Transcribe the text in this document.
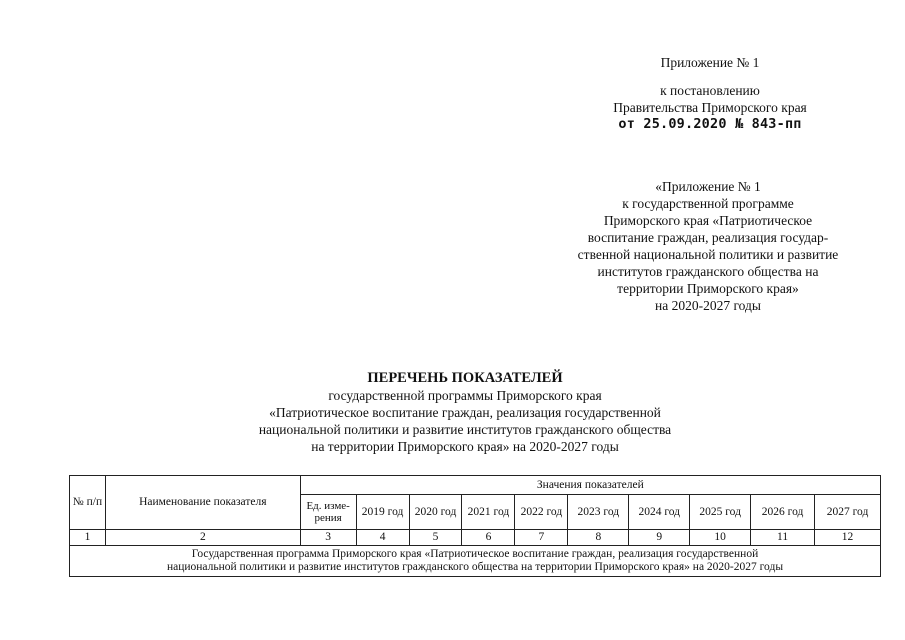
Приложение № 1
к постановлению
Правительства Приморского края
от 25.09.2020 № 843-пп
«Приложение № 1
к государственной программе
Приморского края «Патриотическое
воспитание граждан, реализация государ-
ственной национальной политики и развитие
институтов гражданского общества на
территории Приморского края»
на 2020-2027 годы
ПЕРЕЧЕНЬ ПОКАЗАТЕЛЕЙ
государственной программы Приморского края
«Патриотическое воспитание граждан, реализация государственной
национальной политики и развитие институтов гражданского общества
на территории Приморского края» на 2020-2027 годы
№ п/п	Наименование показателя	Значения показателей									
		Ед. изме- рения	2019 год	2020 год	2021 год	2022 год	2023 год	2024 год	2025 год	2026 год	2027 год
1	2	3	4	5	6	7	8	9	10	11	12

Государственная программа Приморского края «Патриотическое воспитание граждан, реализация государственной
национальной политики и развитие институтов гражданского общества на территории Приморского края» на 2020-2027 годы											
